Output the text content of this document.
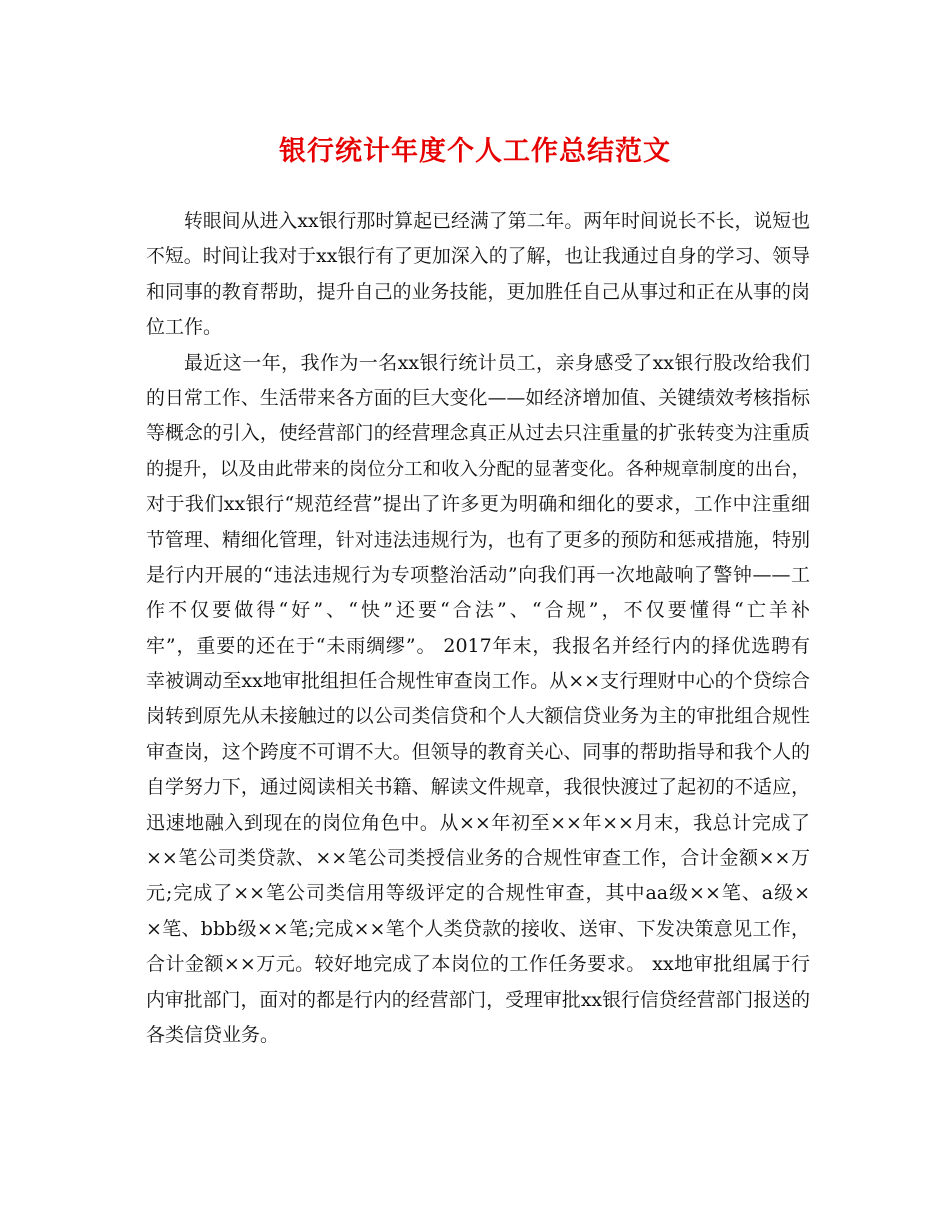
银行统计年度个人工作总结范文
转眼间从进入xx银行那时算起已经满了第二年。两年时间说长不长，说短也
不短。时间让我对于xx银行有了更加深入的了解，也让我通过自身的学习、领导
和同事的教育帮助，提升自己的业务技能，更加胜任自己从事过和正在从事的岗
位工作。
最近这一年，我作为一名xx银行统计员工，亲身感受了xx银行股改给我们
的日常工作、生活带来各方面的巨大变化——如经济增加值、关键绩效考核指标
等概念的引入，使经营部门的经营理念真正从过去只注重量的扩张转变为注重质
的提升，以及由此带来的岗位分工和收入分配的显著变化。各种规章制度的出台，
对于我们xx银行“规范经营”提出了许多更为明确和细化的要求，工作中注重细
节管理、精细化管理，针对违法违规行为，也有了更多的预防和惩戒措施，特别
是行内开展的“违法违规行为专项整治活动”向我们再一次地敲响了警钟——工
作不仅要做得“好”、“快”还要“合法”、“合规”，不仅要懂得“亡羊补
牢”，重要的还在于“未雨绸缪”。 2017年末，我报名并经行内的择优选聘有
幸被调动至xx地审批组担任合规性审查岗工作。从××支行理财中心的个贷综合
岗转到原先从未接触过的以公司类信贷和个人大额信贷业务为主的审批组合规性
审查岗，这个跨度不可谓不大。但领导的教育关心、同事的帮助指导和我个人的
自学努力下，通过阅读相关书籍、解读文件规章，我很快渡过了起初的不适应，
迅速地融入到现在的岗位角色中。从××年初至××年××月末，我总计完成了
××笔公司类贷款、××笔公司类授信业务的合规性审查工作，合计金额××万
元;完成了××笔公司类信用等级评定的合规性审查，其中aa级××笔、a级×
×笔、bbb级××笔;完成××笔个人类贷款的接收、送审、下发决策意见工作，
合计金额××万元。较好地完成了本岗位的工作任务要求。 xx地审批组属于行
内审批部门，面对的都是行内的经营部门，受理审批xx银行信贷经营部门报送的
各类信贷业务。
